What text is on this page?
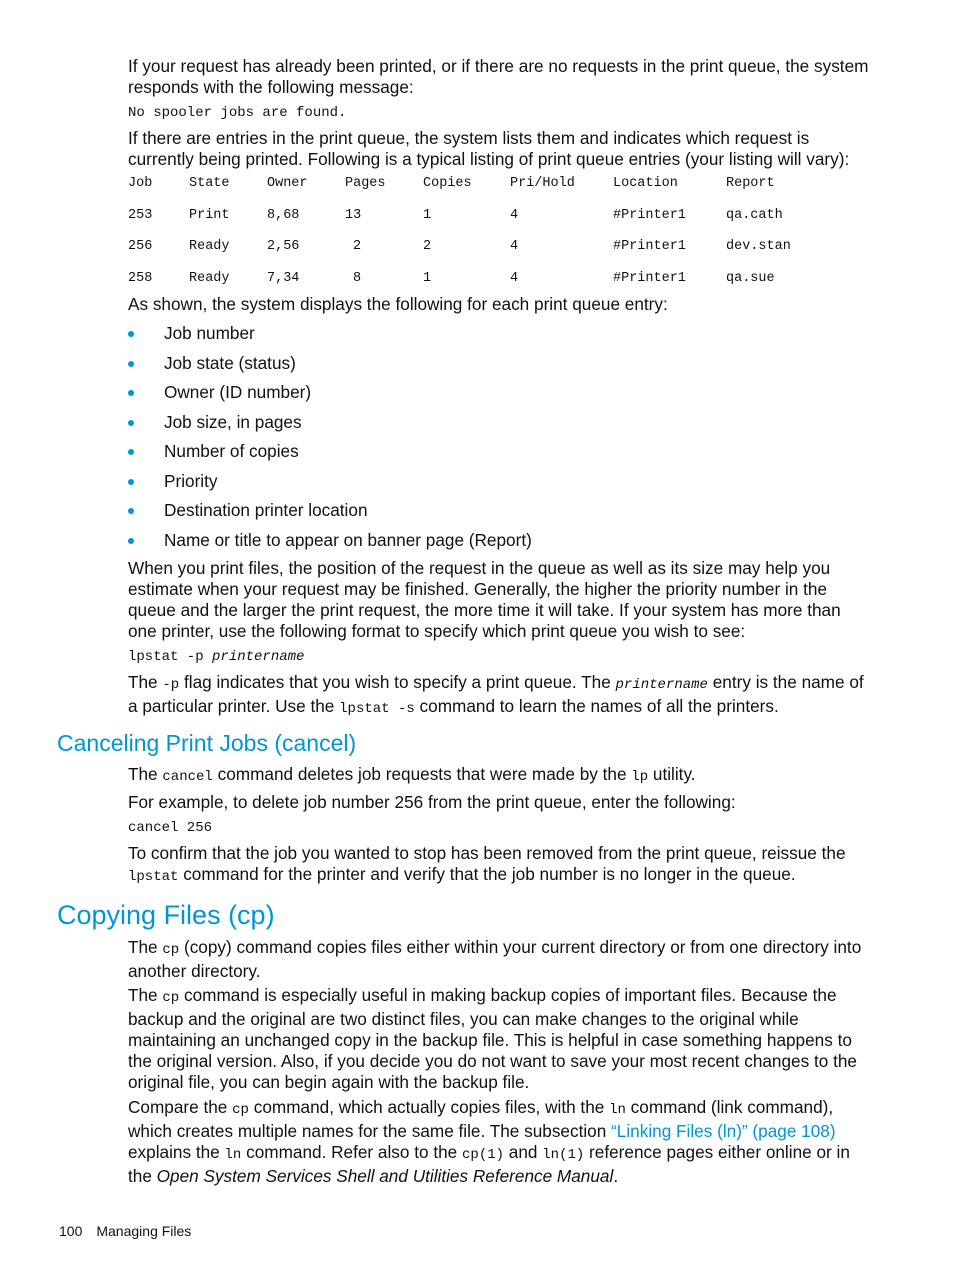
If your request has already been printed, or if there are no requests in the print queue, the system responds with the following message:
No spooler jobs are found.
If there are entries in the print queue, the system lists them and indicates which request is currently being printed. Following is a typical listing of print queue entries (your listing will vary):
Job	State	Owner	Pages	Copies	Pri/Hold	Location	Report
253	Print	8,68	13	1	4	#Printer1	qa.cath
256	Ready	2,56	2	2	4	#Printer1	dev.stan
258	Ready	7,34	8	1	4	#Printer1	qa.sue
As shown, the system displays the following for each print queue entry:
Job number
Job state (status)
Owner (ID number)
Job size, in pages
Number of copies
Priority
Destination printer location
Name or title to appear on banner page (Report)
When you print files, the position of the request in the queue as well as its size may help you estimate when your request may be finished. Generally, the higher the priority number in the queue and the larger the print request, the more time it will take. If your system has more than one printer, use the following format to specify which print queue you wish to see:
lpstat -p printername
The -p flag indicates that you wish to specify a print queue. The printername entry is the name of a particular printer. Use the lpstat -s command to learn the names of all the printers.
Canceling Print Jobs (cancel)
The cancel command deletes job requests that were made by the lp utility.
For example, to delete job number 256 from the print queue, enter the following:
cancel 256
To confirm that the job you wanted to stop has been removed from the print queue, reissue the lpstat command for the printer and verify that the job number is no longer in the queue.
Copying Files (cp)
The cp (copy) command copies files either within your current directory or from one directory into another directory.
The cp command is especially useful in making backup copies of important files. Because the backup and the original are two distinct files, you can make changes to the original while maintaining an unchanged copy in the backup file. This is helpful in case something happens to the original version. Also, if you decide you do not want to save your most recent changes to the original file, you can begin again with the backup file.
Compare the cp command, which actually copies files, with the ln command (link command), which creates multiple names for the same file. The subsection “Linking Files (ln)” (page 108) explains the ln command. Refer also to the cp(1) and ln(1) reference pages either online or in the Open System Services Shell and Utilities Reference Manual.
100 Managing Files
